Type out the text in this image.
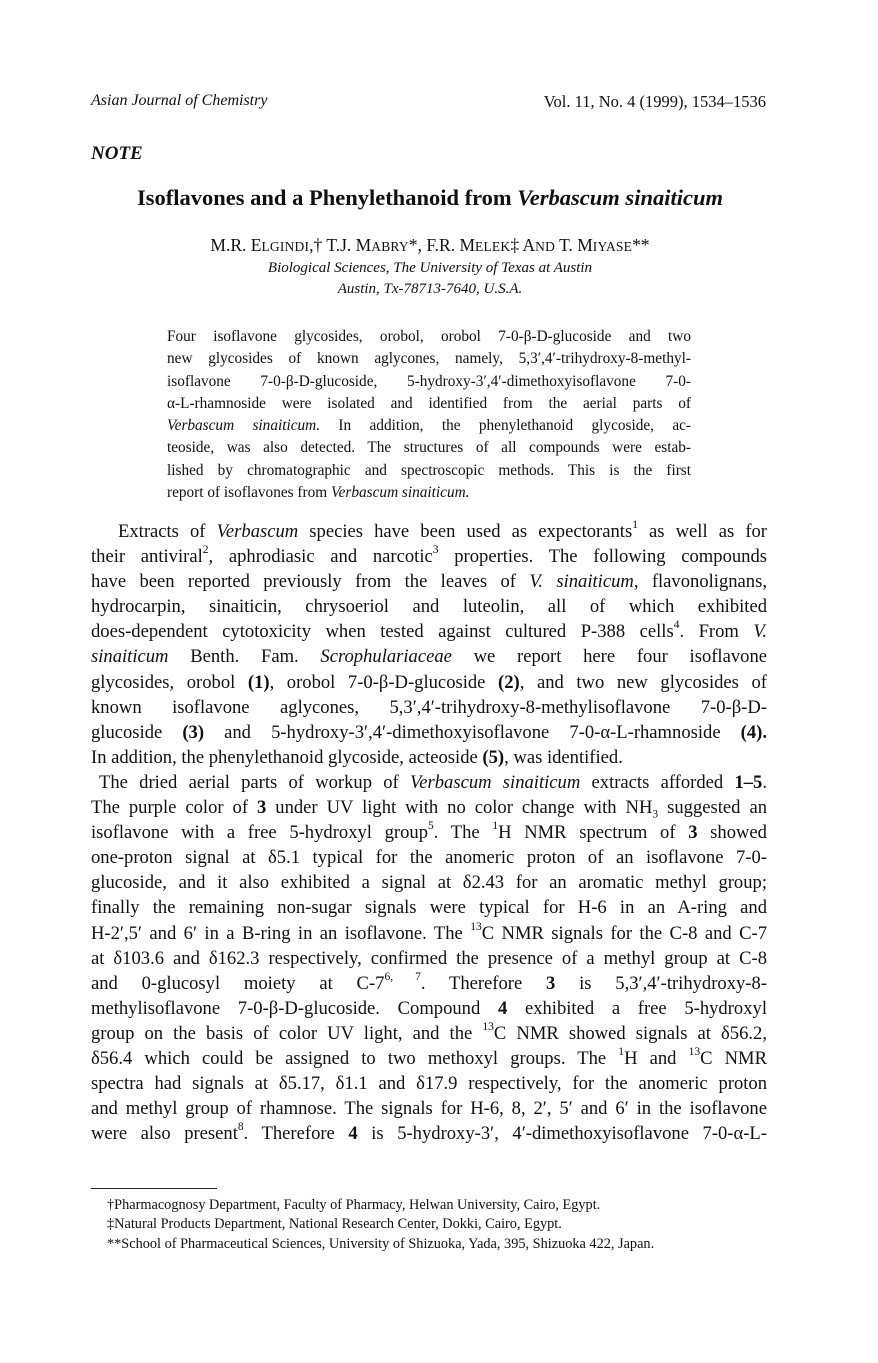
Asian Journal of Chemistry	Vol. 11, No. 4 (1999), 1534–1536
NOTE
Isoflavones and a Phenylethanoid from Verbascum sinaiticum
M.R. ELGINDI,† T.J. MABRY*, F.R. MELEK‡ AND T. MIYASE**
Biological Sciences, The University of Texas at Austin
Austin, Tx-78713-7640, U.S.A.
Four isoflavone glycosides, orobol, orobol 7-0-β-D-glucoside and two
new glycosides of known aglycones, namely, 5,3′,4′-trihydroxy-8-methyl-
isoflavone 7-0-β-D-glucoside, 5-hydroxy-3′,4′-dimethoxyisoflavone 7-0-
α-L-rhamnoside were isolated and identified from the aerial parts of
Verbascum sinaiticum. In addition, the phenylethanoid glycoside, ac-
teoside, was also detected. The structures of all compounds were estab-
lished by chromatographic and spectroscopic methods. This is the first
report of isoflavones from Verbascum sinaiticum.
Extracts of Verbascum species have been used as expectorants$^1$ as well as for
their antiviral$^2$, aphrodiasic and narcotic$^3$ properties. The following compounds
have been reported previously from the leaves of V. sinaiticum, flavonolignans,
hydrocarpin, sinaiticin, chrysoeriol and luteolin, all of which exhibited
does-dependent cytotoxicity when tested against cultured P-388 cells$^4$. From V.
sinaiticum Benth. Fam. Scrophulariaceae we report here four isoflavone
glycosides, orobol (1), orobol 7-0-β-D-glucoside (2), and two new glycosides of
known isoflavone aglycones, 5,3′,4′-trihydroxy-8-methylisoflavone 7-0-β-D-
glucoside (3) and 5-hydroxy-3′,4′-dimethoxyisoflavone 7-0-α-L-rhamnoside (4).
In addition, the phenylethanoid glycoside, acteoside (5), was identified.
The dried aerial parts of workup of Verbascum sinaiticum extracts afforded 1–5.
The purple color of 3 under UV light with no color change with $NH_3$ suggested an
isoflavone with a free 5-hydroxyl group$^5$. The $^1$H NMR spectrum of 3 showed
one-proton signal at δ5.1 typical for the anomeric proton of an isoflavone 7-0-
glucoside, and it also exhibited a signal at δ2.43 for an aromatic methyl group;
finally the remaining non-sugar signals were typical for H-6 in an A-ring and
H-2′,5′ and 6′ in a B-ring in an isoflavone. The $^{13}$C NMR signals for the C-8 and C-7
at δ103.6 and δ162.3 respectively, confirmed the presence of a methyl group at C-8
and 0-glucosyl moiety at C-7$^{6, 7}$. Therefore 3 is 5,3′,4′-trihydroxy-8-
methylisoflavone 7-0-β-D-glucoside. Compound 4 exhibited a free 5-hydroxyl
group on the basis of color UV light, and the $^{13}$C NMR showed signals at δ56.2,
δ56.4 which could be assigned to two methoxyl groups. The $^1$H and $^{13}$C NMR
spectra had signals at δ5.17, δ1.1 and δ17.9 respectively, for the anomeric proton
and methyl group of rhamnose. The signals for H-6, 8, 2′, 5′ and 6′ in the isoflavone
were also present$^8$. Therefore 4 is 5-hydroxy-3′, 4′-dimethoxyisoflavone 7-0-α-L-
†Pharmacognosy Department, Faculty of Pharmacy, Helwan University, Cairo, Egypt.
‡Natural Products Department, National Research Center, Dokki, Cairo, Egypt.
**School of Pharmaceutical Sciences, University of Shizuoka, Yada, 395, Shizuoka 422, Japan.
